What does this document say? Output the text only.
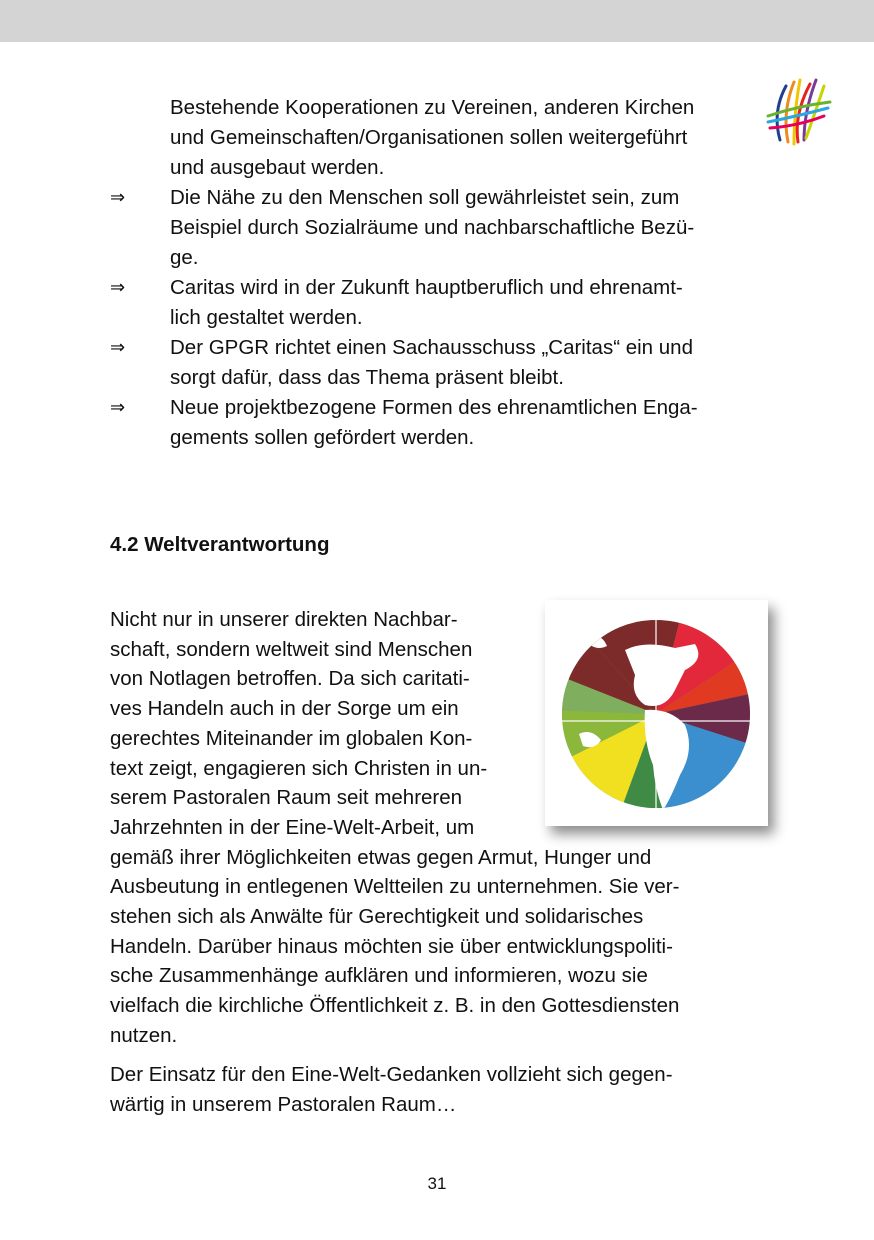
Bestehende Kooperationen zu Vereinen, anderen Kirchen
und Gemeinschaften/Organisationen sollen weitergeführt
und ausgebaut werden.
⇒ Die Nähe zu den Menschen soll gewährleistet sein, zum
Beispiel durch Sozialräume und nachbarschaftliche Bezü-
ge.
⇒ Caritas wird in der Zukunft hauptberuflich und ehrenamt-
lich gestaltet werden.
⇒ Der GPGR richtet einen Sachausschuss „Caritas“ ein und
sorgt dafür, dass das Thema präsent bleibt.
⇒ Neue projektbezogene Formen des ehrenamtlichen Enga-
gements sollen gefördert werden.
4.2 Weltverantwortung
Nicht nur in unserer direkten Nachbar-
schaft, sondern weltweit sind Menschen
von Notlagen betroffen. Da sich caritati-
ves Handeln auch in der Sorge um ein
gerechtes Miteinander im globalen Kon-
text zeigt, engagieren sich Christen in un-
serem Pastoralen Raum seit mehreren
Jahrzehnten in der Eine-Welt-Arbeit, um
gemäß ihrer Möglichkeiten etwas gegen Armut, Hunger und
Ausbeutung in entlegenen Weltteilen zu unternehmen. Sie ver-
stehen sich als Anwälte für Gerechtigkeit und solidarisches
Handeln. Darüber hinaus möchten sie über entwicklungspoliti-
sche Zusammenhänge aufklären und informieren, wozu sie
vielfach die kirchliche Öffentlichkeit z. B. in den Gottesdiensten
nutzen.
Der Einsatz für den Eine-Welt-Gedanken vollzieht sich gegen-
wärtig in unserem Pastoralen Raum…
31
